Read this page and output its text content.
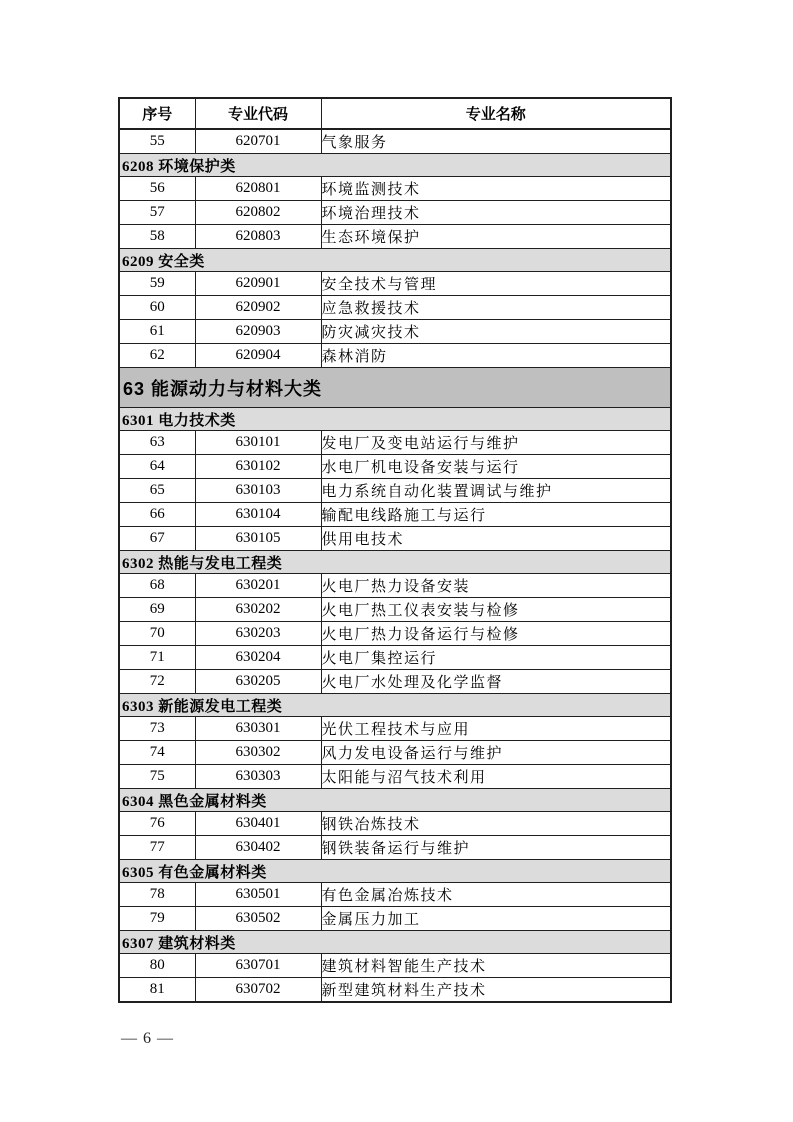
序号	专业代码	专业名称
55	620701	气象服务
6208 环境保护类		
56	620801	环境监测技术
57	620802	环境治理技术
58	620803	生态环境保护
6209 安全类		
59	620901	安全技术与管理
60	620902	应急救援技术
61	620903	防灾减灾技术
62	620904	森林消防
63 能源动力与材料大类		
6301 电力技术类		
63	630101	发电厂及变电站运行与维护
64	630102	水电厂机电设备安装与运行
65	630103	电力系统自动化装置调试与维护
66	630104	输配电线路施工与运行
67	630105	供用电技术
6302 热能与发电工程类		
68	630201	火电厂热力设备安装
69	630202	火电厂热工仪表安装与检修
70	630203	火电厂热力设备运行与检修
71	630204	火电厂集控运行
72	630205	火电厂水处理及化学监督
6303 新能源发电工程类		
73	630301	光伏工程技术与应用
74	630302	风力发电设备运行与维护
75	630303	太阳能与沼气技术利用
6304 黑色金属材料类		
76	630401	钢铁冶炼技术
77	630402	钢铁装备运行与维护
6305 有色金属材料类		
78	630501	有色金属冶炼技术
79	630502	金属压力加工
6307 建筑材料类		
80	630701	建筑材料智能生产技术
81	630702	新型建筑材料生产技术
— 6 —
